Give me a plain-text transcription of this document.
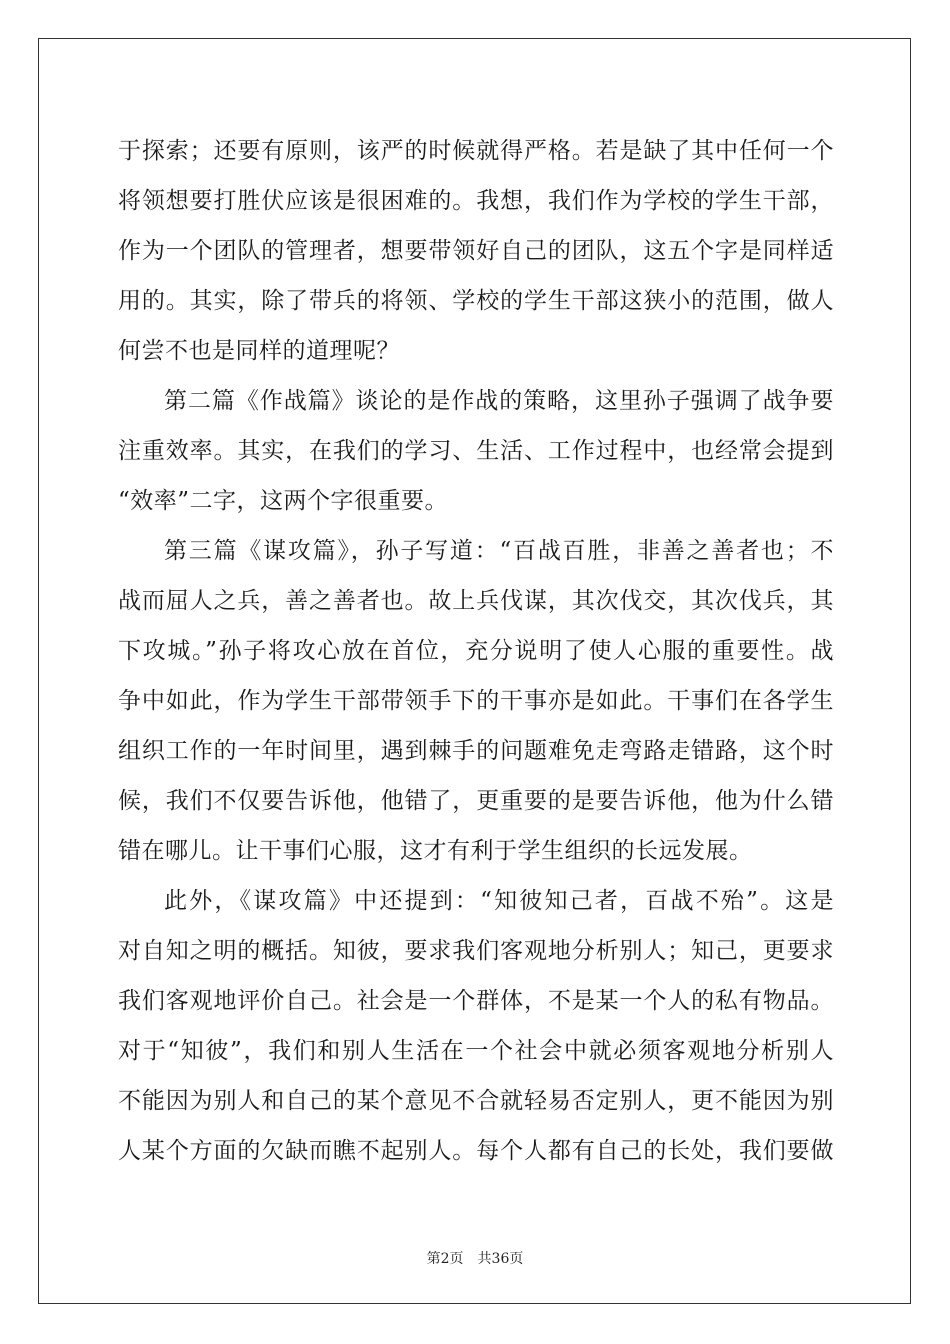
于探索；还要有原则，该严的时候就得严格。若是缺了其中任何一个
将领想要打胜伏应该是很困难的。我想，我们作为学校的学生干部，
作为一个团队的管理者，想要带领好自己的团队，这五个字是同样适
用的。其实，除了带兵的将领、学校的学生干部这狭小的范围，做人
何尝不也是同样的道理呢？
第二篇《作战篇》谈论的是作战的策略，这里孙子强调了战争要
注重效率。其实，在我们的学习、生活、工作过程中，也经常会提到
“效率”二字，这两个字很重要。
第三篇《谋攻篇》，孙子写道：“百战百胜，非善之善者也；不
战而屈人之兵，善之善者也。故上兵伐谋，其次伐交，其次伐兵，其
下攻城。”孙子将攻心放在首位，充分说明了使人心服的重要性。战
争中如此，作为学生干部带领手下的干事亦是如此。干事们在各学生
组织工作的一年时间里，遇到棘手的问题难免走弯路走错路，这个时
候，我们不仅要告诉他，他错了，更重要的是要告诉他，他为什么错
错在哪儿。让干事们心服，这才有利于学生组织的长远发展。
此外，《谋攻篇》中还提到：“知彼知己者，百战不殆”。这是
对自知之明的概括。知彼，要求我们客观地分析别人；知己，更要求
我们客观地评价自己。社会是一个群体，不是某一个人的私有物品。
对于“知彼”，我们和别人生活在一个社会中就必须客观地分析别人
不能因为别人和自己的某个意见不合就轻易否定别人，更不能因为别
人某个方面的欠缺而瞧不起别人。每个人都有自己的长处，我们要做
第2页 共36页
